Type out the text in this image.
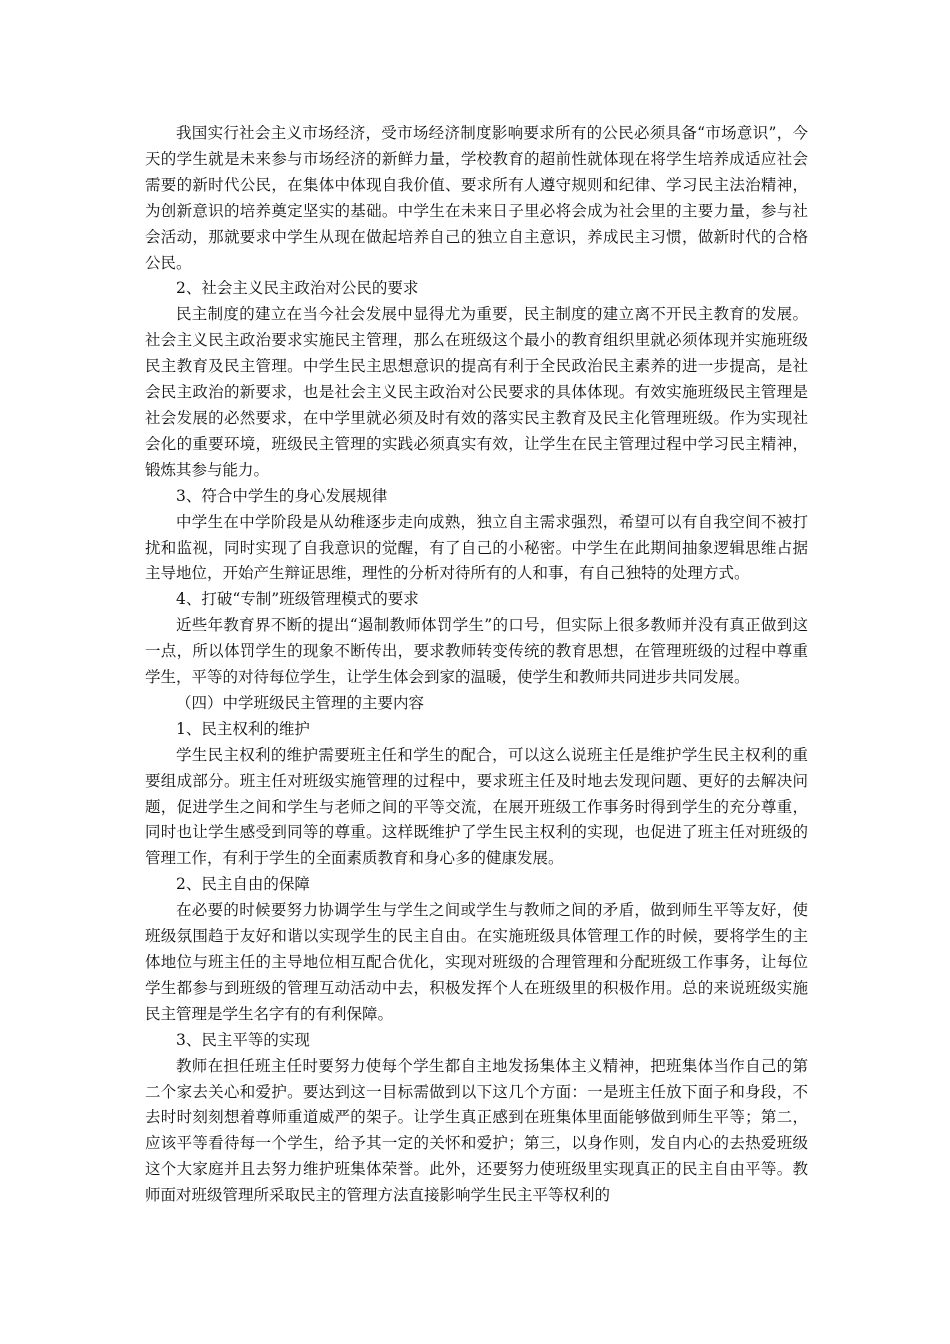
我国实行社会主义市场经济，受市场经济制度影响要求所有的公民必须具备“市场意识”，今天的学生就是未来参与市场经济的新鲜力量，学校教育的超前性就体现在将学生培养成适应社会需要的新时代公民，在集体中体现自我价值、要求所有人遵守规则和纪律、学习民主法治精神，为创新意识的培养奠定坚实的基础。中学生在未来日子里必将会成为社会里的主要力量，参与社会活动，那就要求中学生从现在做起培养自己的独立自主意识，养成民主习惯，做新时代的合格公民。

2、社会主义民主政治对公民的要求

民主制度的建立在当今社会发展中显得尤为重要，民主制度的建立离不开民主教育的发展。社会主义民主政治要求实施民主管理，那么在班级这个最小的教育组织里就必须体现并实施班级民主教育及民主管理。中学生民主思想意识的提高有利于全民政治民主素养的进一步提高，是社会民主政治的新要求，也是社会主义民主政治对公民要求的具体体现。有效实施班级民主管理是社会发展的必然要求，在中学里就必须及时有效的落实民主教育及民主化管理班级。作为实现社会化的重要环境，班级民主管理的实践必须真实有效，让学生在民主管理过程中学习民主精神，锻炼其参与能力。

3、符合中学生的身心发展规律

中学生在中学阶段是从幼稚逐步走向成熟，独立自主需求强烈，希望可以有自我空间不被打扰和监视，同时实现了自我意识的觉醒，有了自己的小秘密。中学生在此期间抽象逻辑思维占据主导地位，开始产生辩证思维，理性的分析对待所有的人和事，有自己独特的处理方式。

4、打破“专制”班级管理模式的要求

近些年教育界不断的提出“遏制教师体罚学生”的口号，但实际上很多教师并没有真正做到这一点，所以体罚学生的现象不断传出，要求教师转变传统的教育思想，在管理班级的过程中尊重学生，平等的对待每位学生，让学生体会到家的温暖，使学生和教师共同进步共同发展。

（四）中学班级民主管理的主要内容

1、民主权利的维护

学生民主权利的维护需要班主任和学生的配合，可以这么说班主任是维护学生民主权利的重要组成部分。班主任对班级实施管理的过程中，要求班主任及时地去发现问题、更好的去解决问题，促进学生之间和学生与老师之间的平等交流，在展开班级工作事务时得到学生的充分尊重，同时也让学生感受到同等的尊重。这样既维护了学生民主权利的实现，也促进了班主任对班级的管理工作，有利于学生的全面素质教育和身心多的健康发展。

2、民主自由的保障

在必要的时候要努力协调学生与学生之间或学生与教师之间的矛盾，做到师生平等友好，使班级氛围趋于友好和谐以实现学生的民主自由。在实施班级具体管理工作的时候，要将学生的主体地位与班主任的主导地位相互配合优化，实现对班级的合理管理和分配班级工作事务，让每位学生都参与到班级的管理互动活动中去，积极发挥个人在班级里的积极作用。总的来说班级实施民主管理是学生名字有的有利保障。

3、民主平等的实现

教师在担任班主任时要努力使每个学生都自主地发扬集体主义精神，把班集体当作自己的第二个家去关心和爱护。要达到这一目标需做到以下这几个方面：一是班主任放下面子和身段，不去时时刻刻想着尊师重道威严的架子。让学生真正感到在班集体里面能够做到师生平等；第二，应该平等看待每一个学生，给予其一定的关怀和爱护；第三，以身作则，发自内心的去热爱班级这个大家庭并且去努力维护班集体荣誉。此外，还要努力使班级里实现真正的民主自由平等。教师面对班级管理所采取民主的管理方法直接影响学生民主平等权利的
